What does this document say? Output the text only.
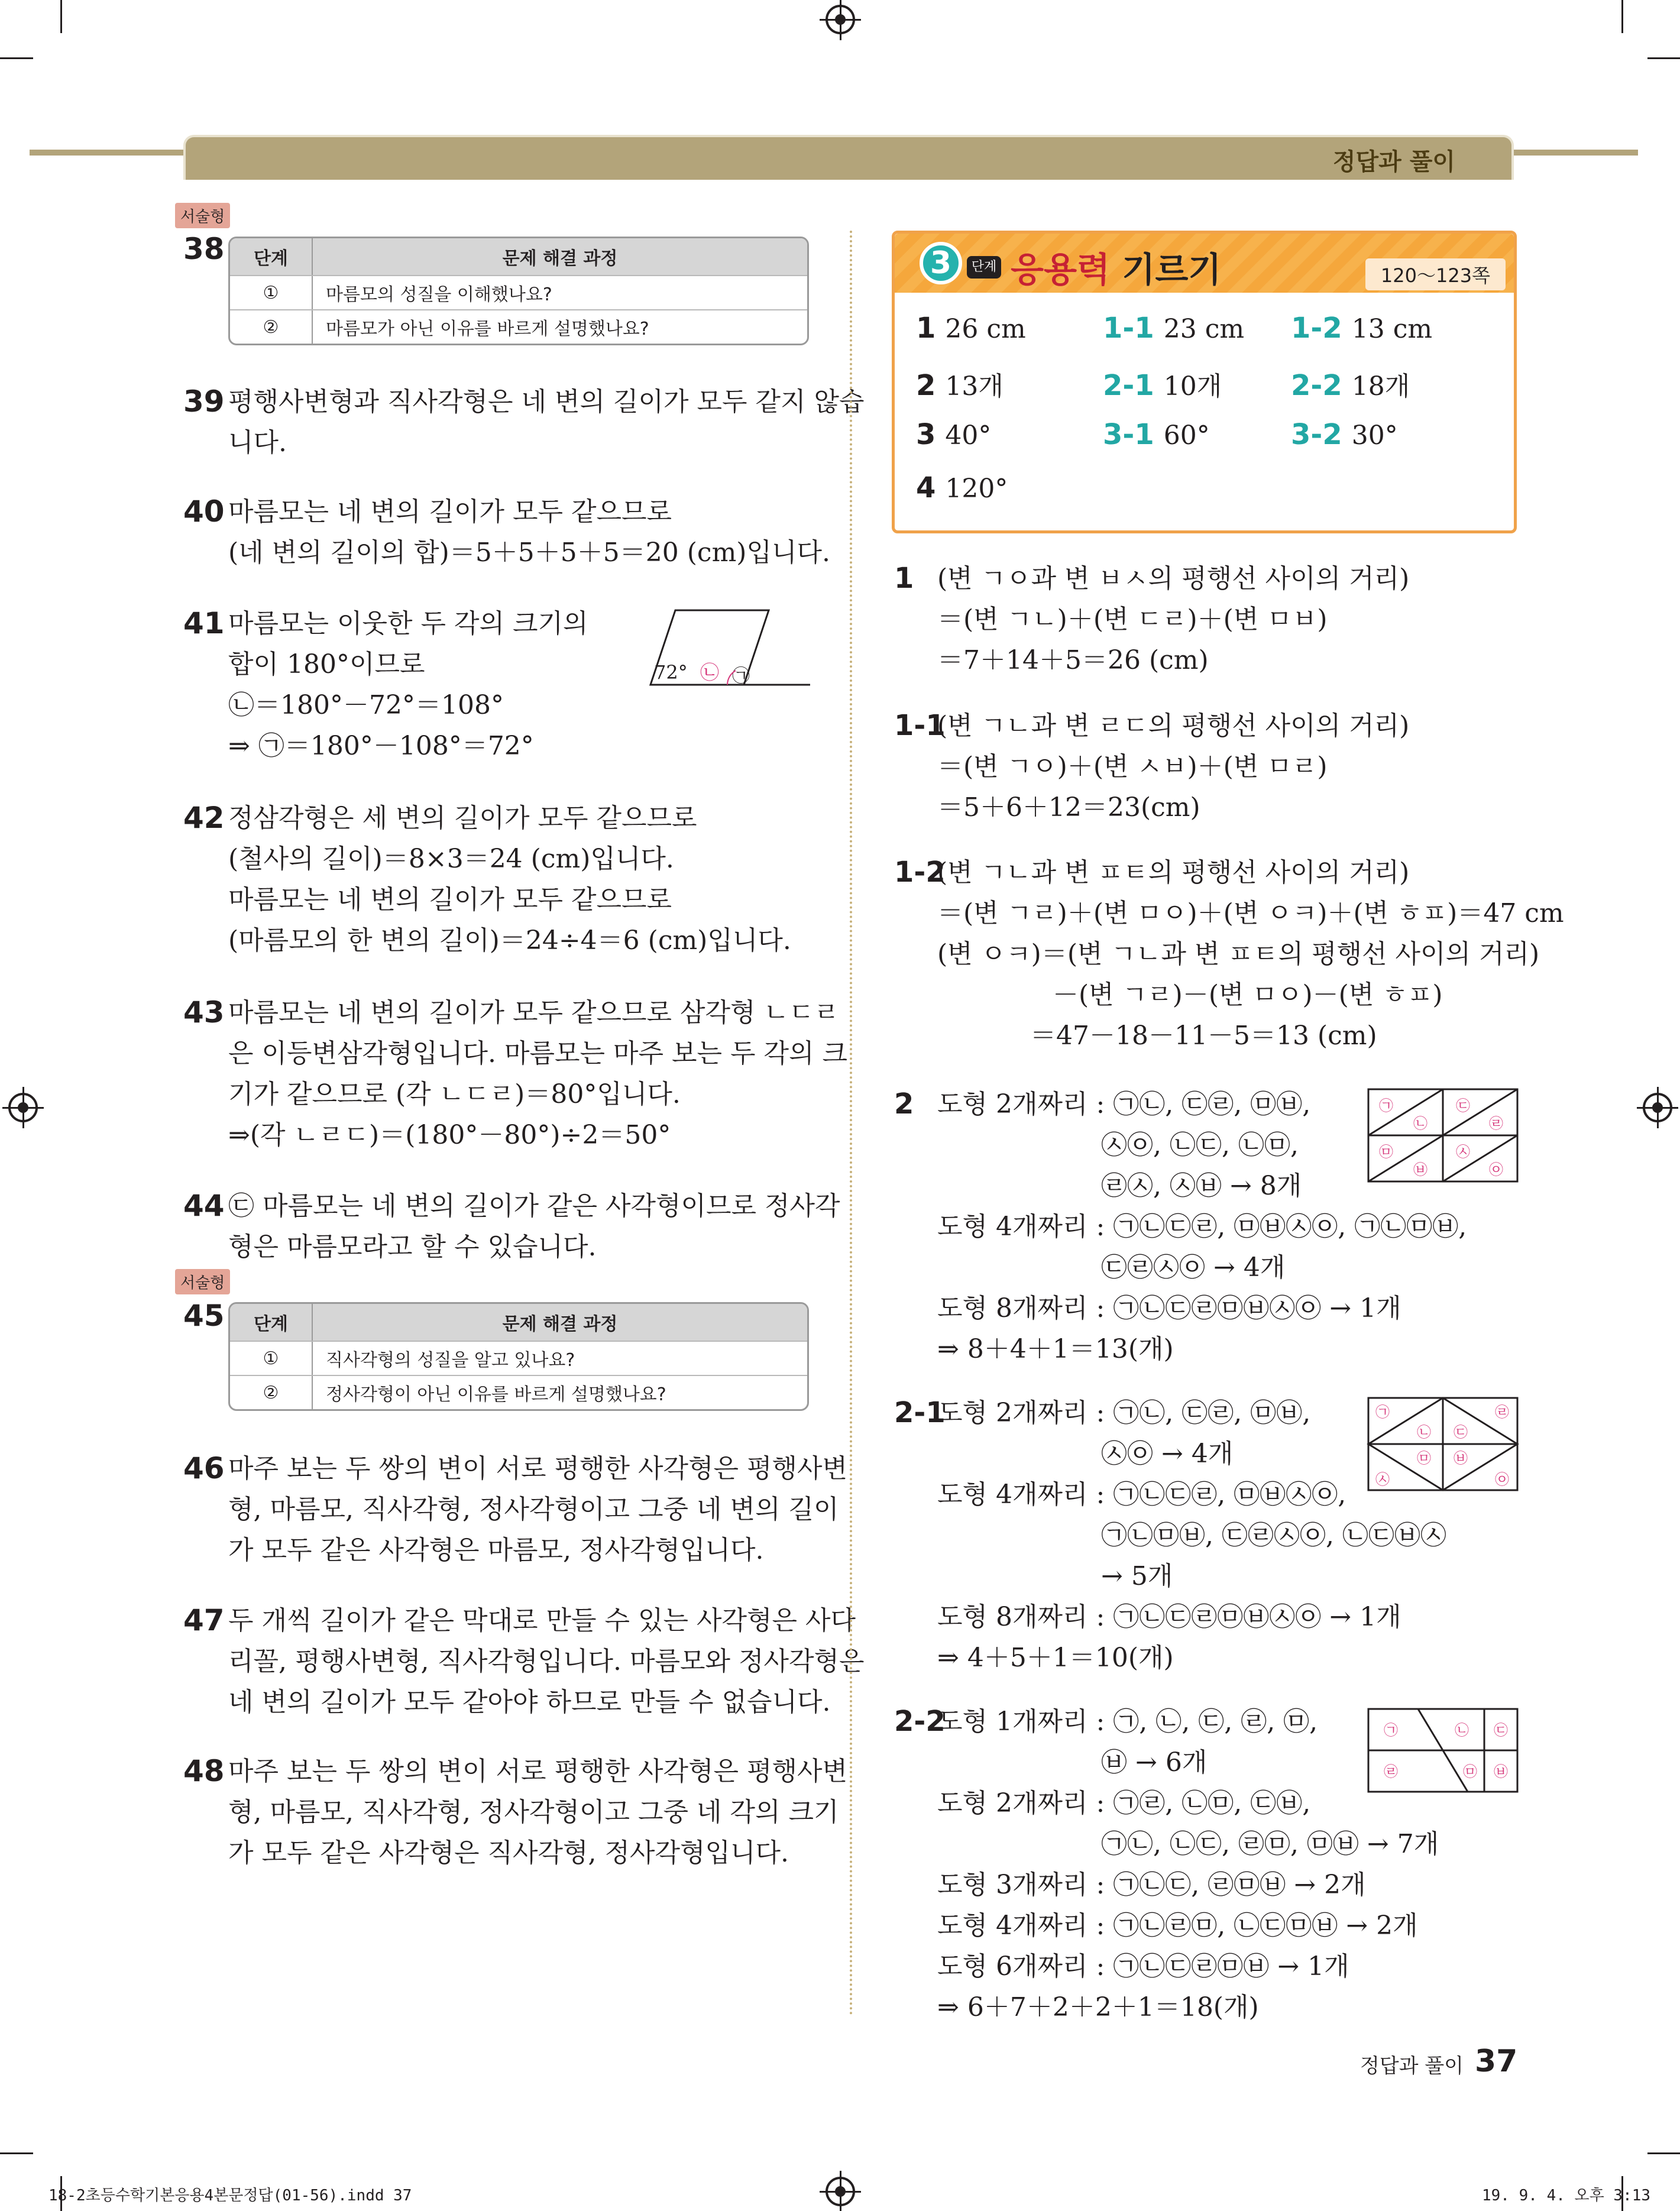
정답과 풀이
서술형
38	단계	문제 해결 과정
①	마름모의 성질을 이해했나요?
②	마름모가 아닌 이유를 바르게 설명했나요?
39 평행사변형과 직사각형은 네 변의 길이가 모두 같지 않습
니다.
40 마름모는 네 변의 길이가 모두 같으므로
(네 변의 길이의 합)＝5＋5＋5＋5＝20 (cm)입니다.
41 마름모는 이웃한 두 각의 크기의
합이 180°이므로
㉡＝180°－72°＝108°
⇒ ㉠＝180°－108°＝72°
72° ㉡ ㉠
42 정삼각형은 세 변의 길이가 모두 같으므로
(철사의 길이)＝8×3＝24 (cm)입니다.
마름모는 네 변의 길이가 모두 같으므로
(마름모의 한 변의 길이)＝24÷4＝6 (cm)입니다.
43 마름모는 네 변의 길이가 모두 같으므로 삼각형 ㄴㄷㄹ
은 이등변삼각형입니다. 마름모는 마주 보는 두 각의 크
기가 같으므로 (각 ㄴㄷㄹ)＝80°입니다.
⇒(각 ㄴㄹㄷ)＝(180°－80°)÷2＝50°
44 ㉢ 마름모는 네 변의 길이가 같은 사각형이므로 정사각
형은 마름모라고 할 수 있습니다.
서술형
45	단계	문제 해결 과정
①	직사각형의 성질을 알고 있나요?
②	정사각형이 아닌 이유를 바르게 설명했나요?
46 마주 보는 두 쌍의 변이 서로 평행한 사각형은 평행사변
형, 마름모, 직사각형, 정사각형이고 그중 네 변의 길이
가 모두 같은 사각형은 마름모, 정사각형입니다.
47 두 개씩 길이가 같은 막대로 만들 수 있는 사각형은 사다
리꼴, 평행사변형, 직사각형입니다. 마름모와 정사각형은
네 변의 길이가 모두 같아야 하므로 만들 수 없습니다.
48 마주 보는 두 쌍의 변이 서로 평행한 사각형은 평행사변
형, 마름모, 직사각형, 정사각형이고 그중 네 각의 크기
가 모두 같은 사각형은 직사각형, 정사각형입니다.
3	단계 응용력 기르기	120～123쪽
1 26 cm	1-1 23 cm 1-2 13 cm
2 13개	2-1 10개 2-2 18개
3 40°	3-1 60°	3-2 30°
4 120°
1 (변 ㄱㅇ과 변 ㅂㅅ의 평행선 사이의 거리)
＝(변 ㄱㄴ)＋(변 ㄷㄹ)＋(변 ㅁㅂ)
＝7＋14＋5＝26 (cm)
1-1
(변 ㄱㄴ과 변 ㄹㄷ의 평행선 사이의 거리)
＝(변 ㄱㅇ)＋(변 ㅅㅂ)＋(변 ㅁㄹ)
＝5＋6＋12＝23(cm)
1-2
(변 ㄱㄴ과 변 ㅍㅌ의 평행선 사이의 거리)
＝(변 ㄱㄹ)＋(변 ㅁㅇ)＋(변 ㅇㅋ)＋(변 ㅎㅍ)＝47 cm
(변 ㅇㅋ)＝(변 ㄱㄴ과 변 ㅍㅌ의 평행선 사이의 거리)
－(변 ㄱㄹ)－(변 ㅁㅇ)－(변 ㅎㅍ)
＝47－18－11－5＝13 (cm)
2 도형 2개짜리 : ㉠㉡, ㉢㉣, ㉤㉥,
㉦㉧, ㉡㉢, ㉡㉤,
㉣㉦, ㉦㉥ → 8개
도형 4개짜리 : ㉠㉡㉢㉣, ㉤㉥㉦㉧, ㉠㉡㉤㉥,
㉢㉣㉦㉧ → 4개
도형 8개짜리 : ㉠㉡㉢㉣㉤㉥㉦㉧ → 1개
⇒ 8＋4＋1＝13(개)
㉠
㉡
㉢
㉣
㉤
㉥
㉦
㉧
2-1
도형 2개짜리 : ㉠㉡, ㉢㉣, ㉤㉥,
㉦㉧ → 4개
도형 4개짜리 : ㉠㉡㉢㉣, ㉤㉥㉦㉧,
㉠㉡㉤㉥, ㉢㉣㉦㉧, ㉡㉢㉥㉦
→ 5개
도형 8개짜리 : ㉠㉡㉢㉣㉤㉥㉦㉧ → 1개
⇒ 4＋5＋1＝10(개)
㉠
㉡ ㉢
㉣
㉤ ㉥
㉦	㉧
2-2
도형 1개짜리 : ㉠, ㉡, ㉢, ㉣, ㉤,
㉥ → 6개
도형 2개짜리 : ㉠㉣, ㉡㉤, ㉢㉥,
㉠㉡, ㉡㉢, ㉣㉤, ㉤㉥ → 7개
도형 3개짜리 : ㉠㉡㉢, ㉣㉤㉥ → 2개
도형 4개짜리 : ㉠㉡㉣㉤, ㉡㉢㉤㉥ → 2개
도형 6개짜리 : ㉠㉡㉢㉣㉤㉥ → 1개
⇒ 6＋7＋2＋2＋1＝18(개)
㉠	㉡ ㉢
㉣	㉤ ㉥
정답과 풀이 37
18-2초등수학기본응용4본문정답(01-56).indd 37	19. 9. 4. 오후 3:13
